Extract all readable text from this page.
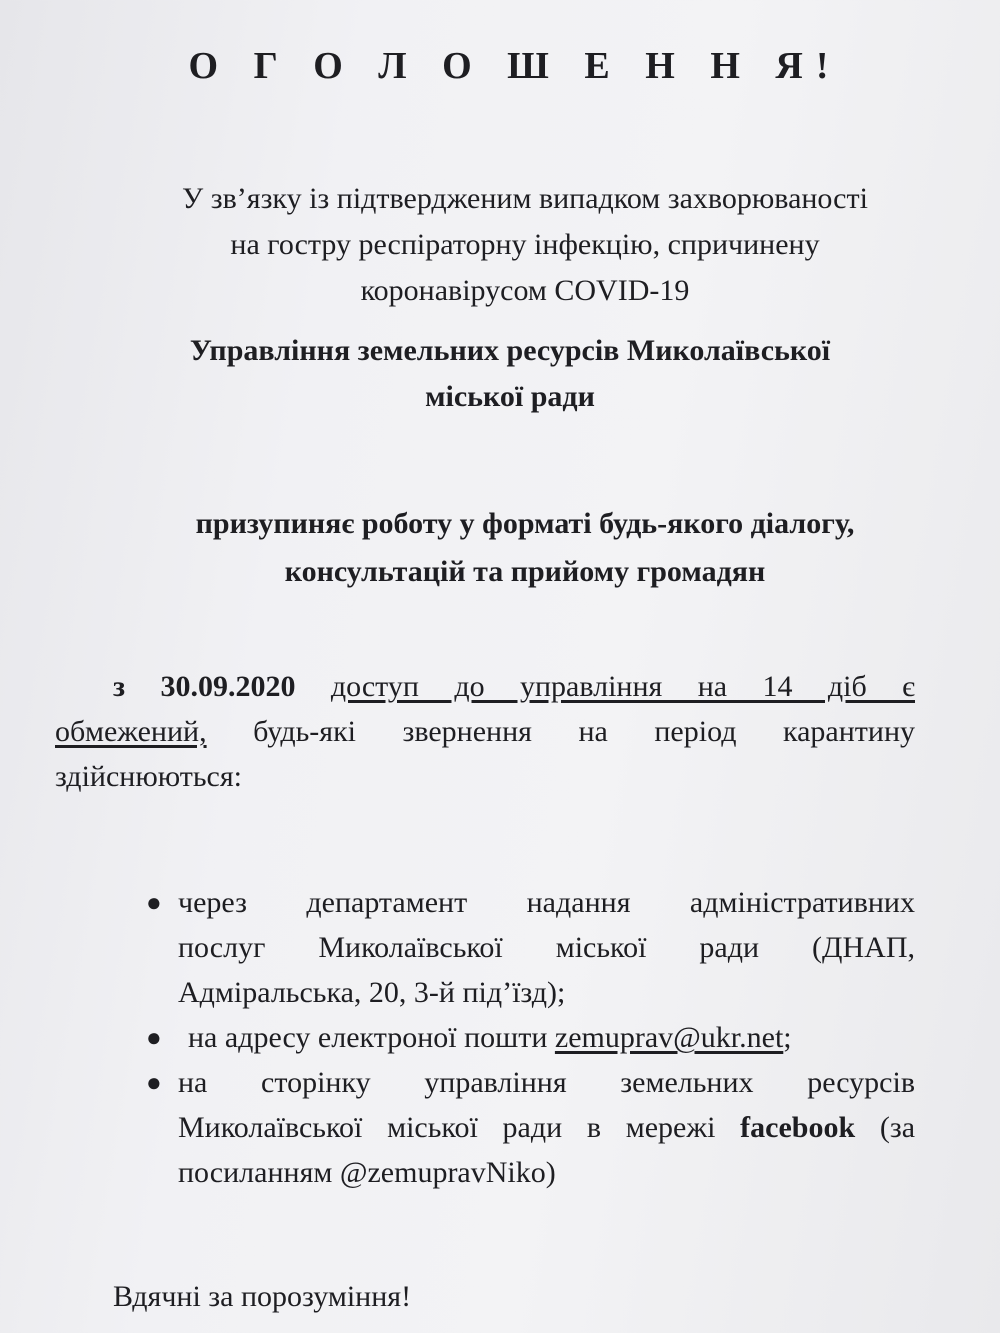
О Г О Л О Ш Е Н Н Я!
У зв’язку із підтвердженим випадком захворюваності
на гостру респіраторну інфекцію, спричинену
коронавірусом COVID-19
Управління земельних ресурсів Миколаївської
міської ради
призупиняє роботу у форматі будь-якого діалогу,
консультацій та прийому громадян
з 30.09.2020 доступ до управління на 14 діб є
обмежений, будь-які звернення на період карантину
здійснюються:
● через департамент надання адміністративних
послуг Миколаївської міської ради (ДНАП,
Адміральська, 20, 3-й під’їзд);
● на адресу електроної пошти zemuprav@ukr.net;
● на сторінку управління земельних ресурсів
Миколаївської міської ради в мережі facebook (за
посиланням @zemupravNiko)
Вдячні за порозуміння!
